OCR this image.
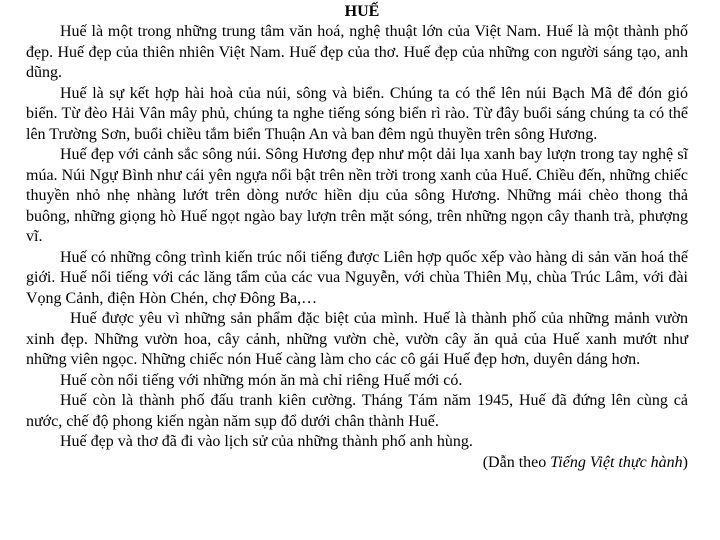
HUẾ

Huế là một trong những trung tâm văn hoá, nghệ thuật lớn của Việt Nam. Huế là một thành phố đẹp. Huế đẹp của thiên nhiên Việt Nam. Huế đẹp của thơ. Huế đẹp của những con người sáng tạo, anh dũng.

Huế là sự kết hợp hài hoà của núi, sông và biển. Chúng ta có thể lên núi Bạch Mã để đón gió biển. Từ đèo Hải Vân mây phủ, chúng ta nghe tiếng sóng biển rì rào. Từ đây buổi sáng chúng ta có thể lên Trường Sơn, buổi chiều tắm biển Thuận An và ban đêm ngủ thuyền trên sông Hương.

Huế đẹp với cảnh sắc sông núi. Sông Hương đẹp như một dải lụa xanh bay lượn trong tay nghệ sĩ múa. Núi Ngự Bình như cái yên ngựa nổi bật trên nền trời trong xanh của Huế. Chiều đến, những chiếc thuyền nhỏ nhẹ nhàng lướt trên dòng nước hiền dịu của sông Hương. Những mái chèo thong thả buông, những giọng hò Huế ngọt ngào bay lượn trên mặt sóng, trên những ngọn cây thanh trà, phượng vĩ.

Huế có những công trình kiến trúc nổi tiếng được Liên hợp quốc xếp vào hàng di sản văn hoá thế giới. Huế nổi tiếng với các lăng tẩm của các vua Nguyễn, với chùa Thiên Mụ, chùa Trúc Lâm, với đài Vọng Cảnh, điện Hòn Chén, chợ Đông Ba,…

Huế được yêu vì những sản phẩm đặc biệt của mình. Huế là thành phố của những mảnh vườn xinh đẹp. Những vườn hoa, cây cảnh, những vườn chè, vườn cây ăn quả của Huế xanh mướt như những viên ngọc. Những chiếc nón Huế càng làm cho các cô gái Huế đẹp hơn, duyên dáng hơn.

Huế còn nổi tiếng với những món ăn mà chỉ riêng Huế mới có.

Huế còn là thành phố đấu tranh kiên cường. Tháng Tám năm 1945, Huế đã đứng lên cùng cả nước, chế độ phong kiến ngàn năm sụp đổ dưới chân thành Huế.

Huế đẹp và thơ đã đi vào lịch sử của những thành phố anh hùng.

(Dẫn theo Tiếng Việt thực hành)
